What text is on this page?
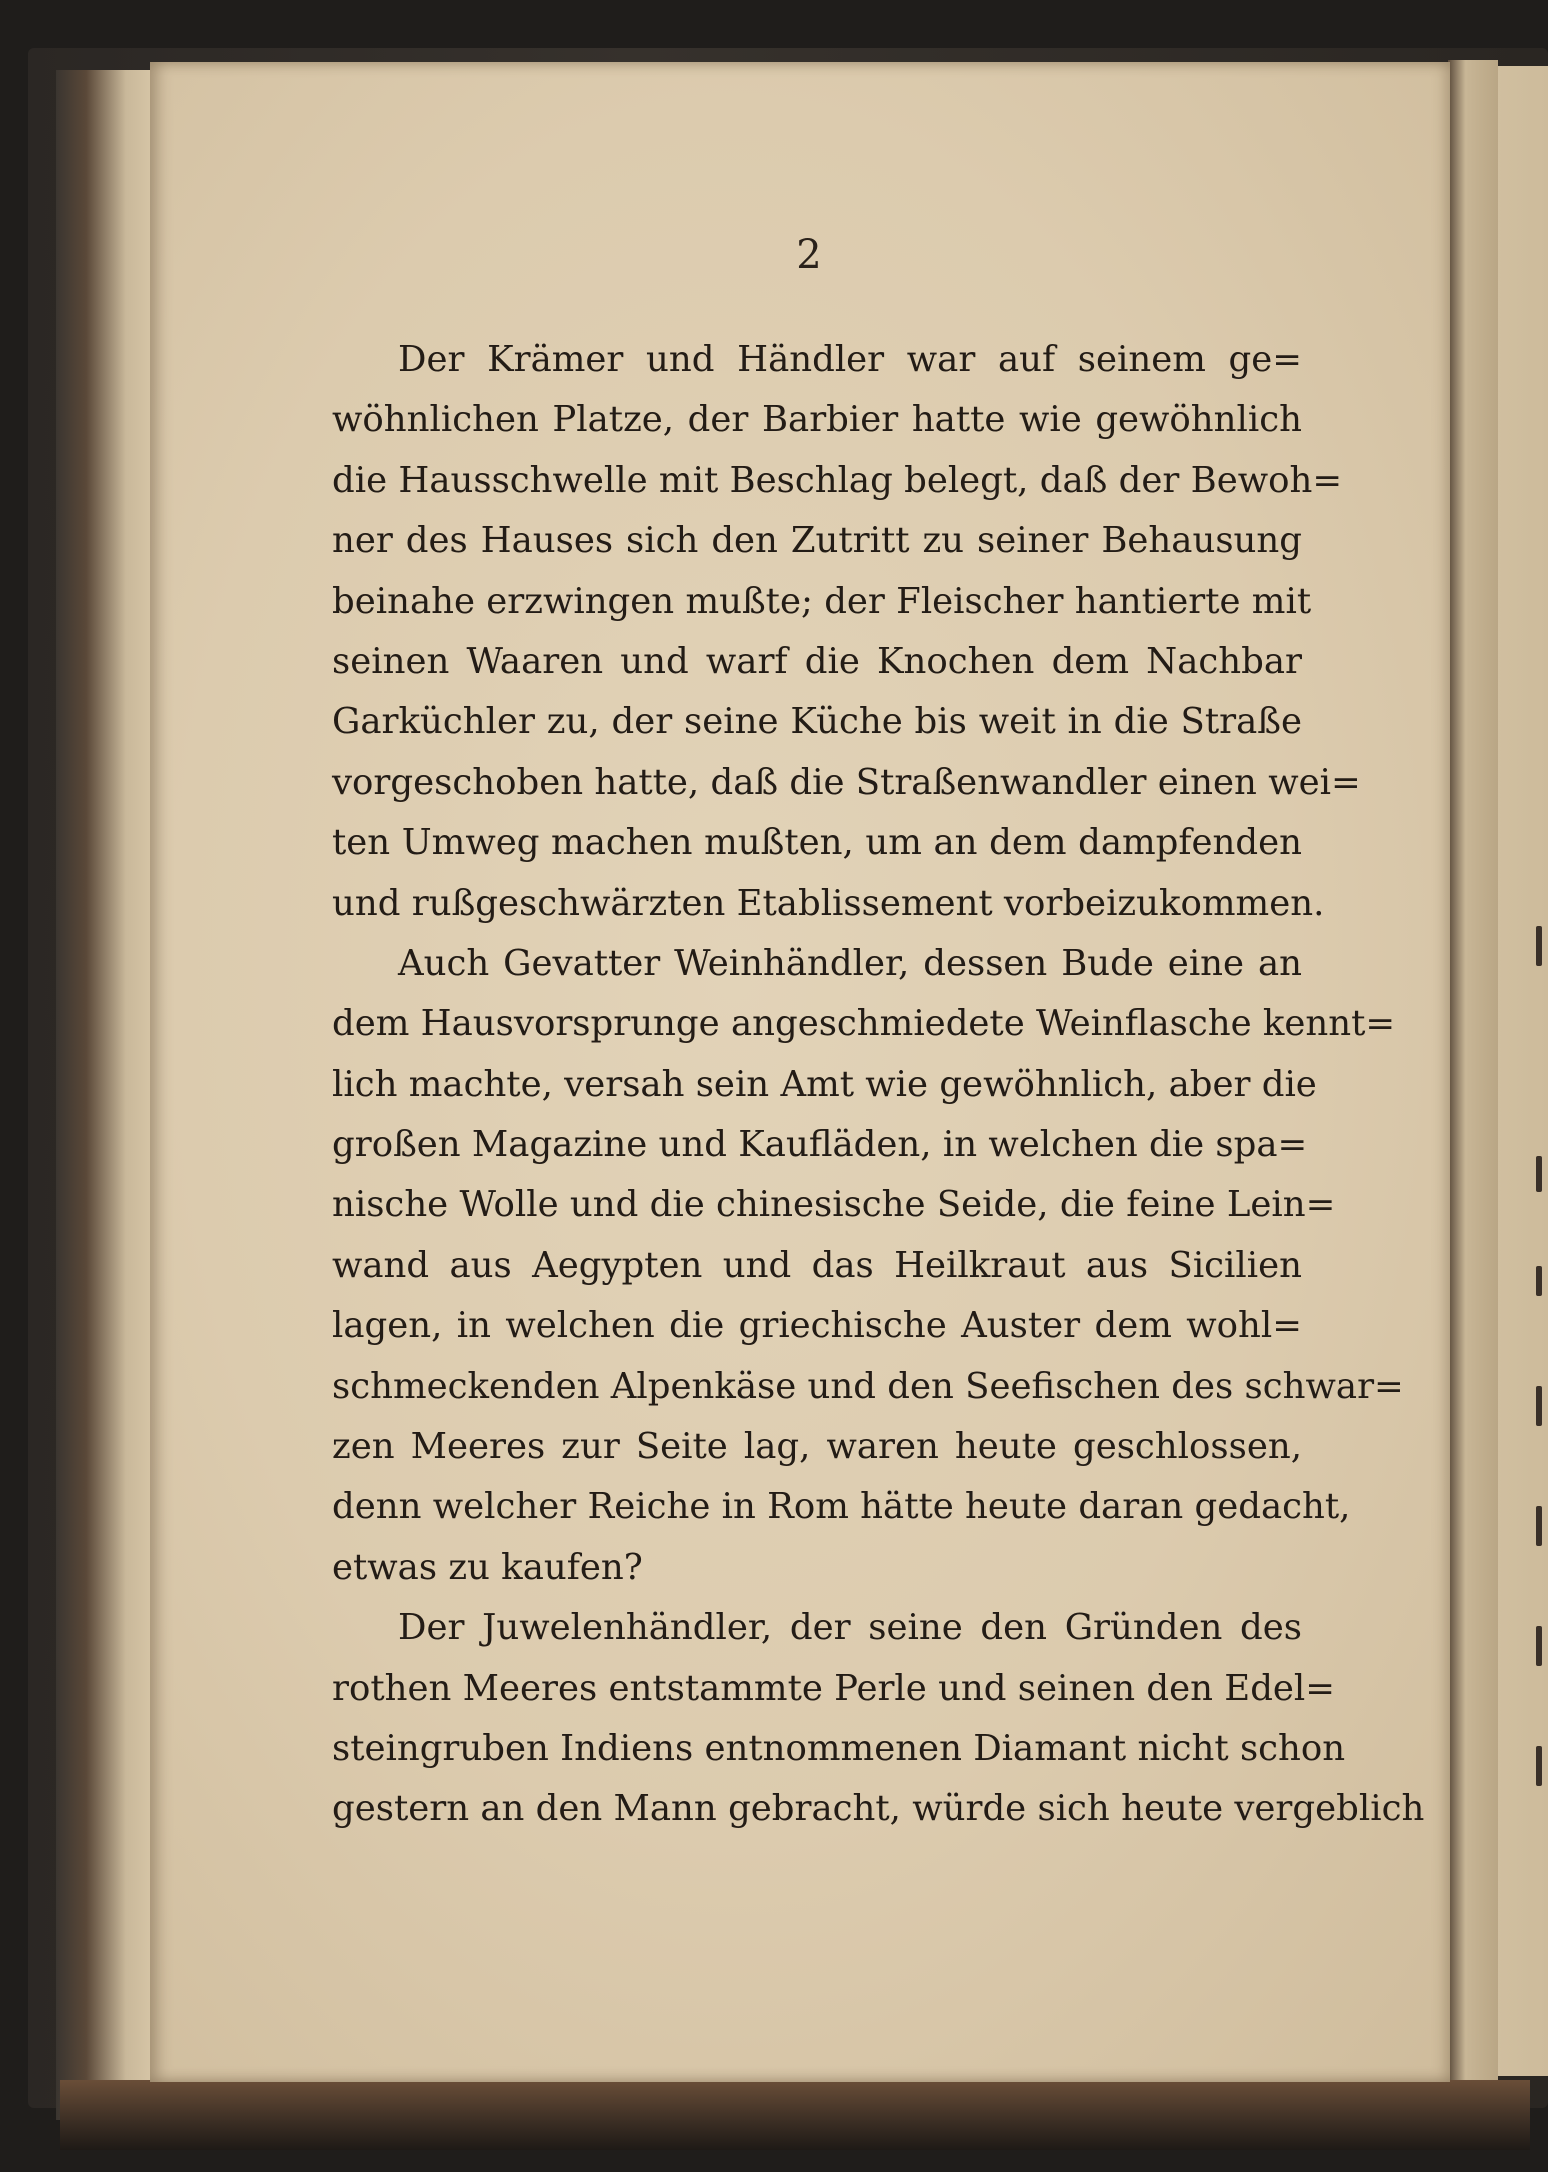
2
Der Krämer und Händler war auf seinem ge=
wöhnlichen Platze, der Barbier hatte wie gewöhnlich
die Hausschwelle mit Beschlag belegt, daß der Bewoh=
ner des Hauses sich den Zutritt zu seiner Behausung
beinahe erzwingen mußte; der Fleischer hantierte mit
seinen Waaren und warf die Knochen dem Nachbar
Garküchler zu, der seine Küche bis weit in die Straße
vorgeschoben hatte, daß die Straßenwandler einen wei=
ten Umweg machen mußten, um an dem dampfenden
und rußgeschwärzten Etablissement vorbeizukommen.
Auch Gevatter Weinhändler, dessen Bude eine an
dem Hausvorsprunge angeschmiedete Weinflasche kennt=
lich machte, versah sein Amt wie gewöhnlich, aber die
großen Magazine und Kaufläden, in welchen die spa=
nische Wolle und die chinesische Seide, die feine Lein=
wand aus Aegypten und das Heilkraut aus Sicilien
lagen, in welchen die griechische Auster dem wohl=
schmeckenden Alpenkäse und den Seefischen des schwar=
zen Meeres zur Seite lag, waren heute geschlossen,
denn welcher Reiche in Rom hätte heute daran gedacht,
etwas zu kaufen?
Der Juwelenhändler, der seine den Gründen des
rothen Meeres entstammte Perle und seinen den Edel=
steingruben Indiens entnommenen Diamant nicht schon
gestern an den Mann gebracht, würde sich heute vergeblich
